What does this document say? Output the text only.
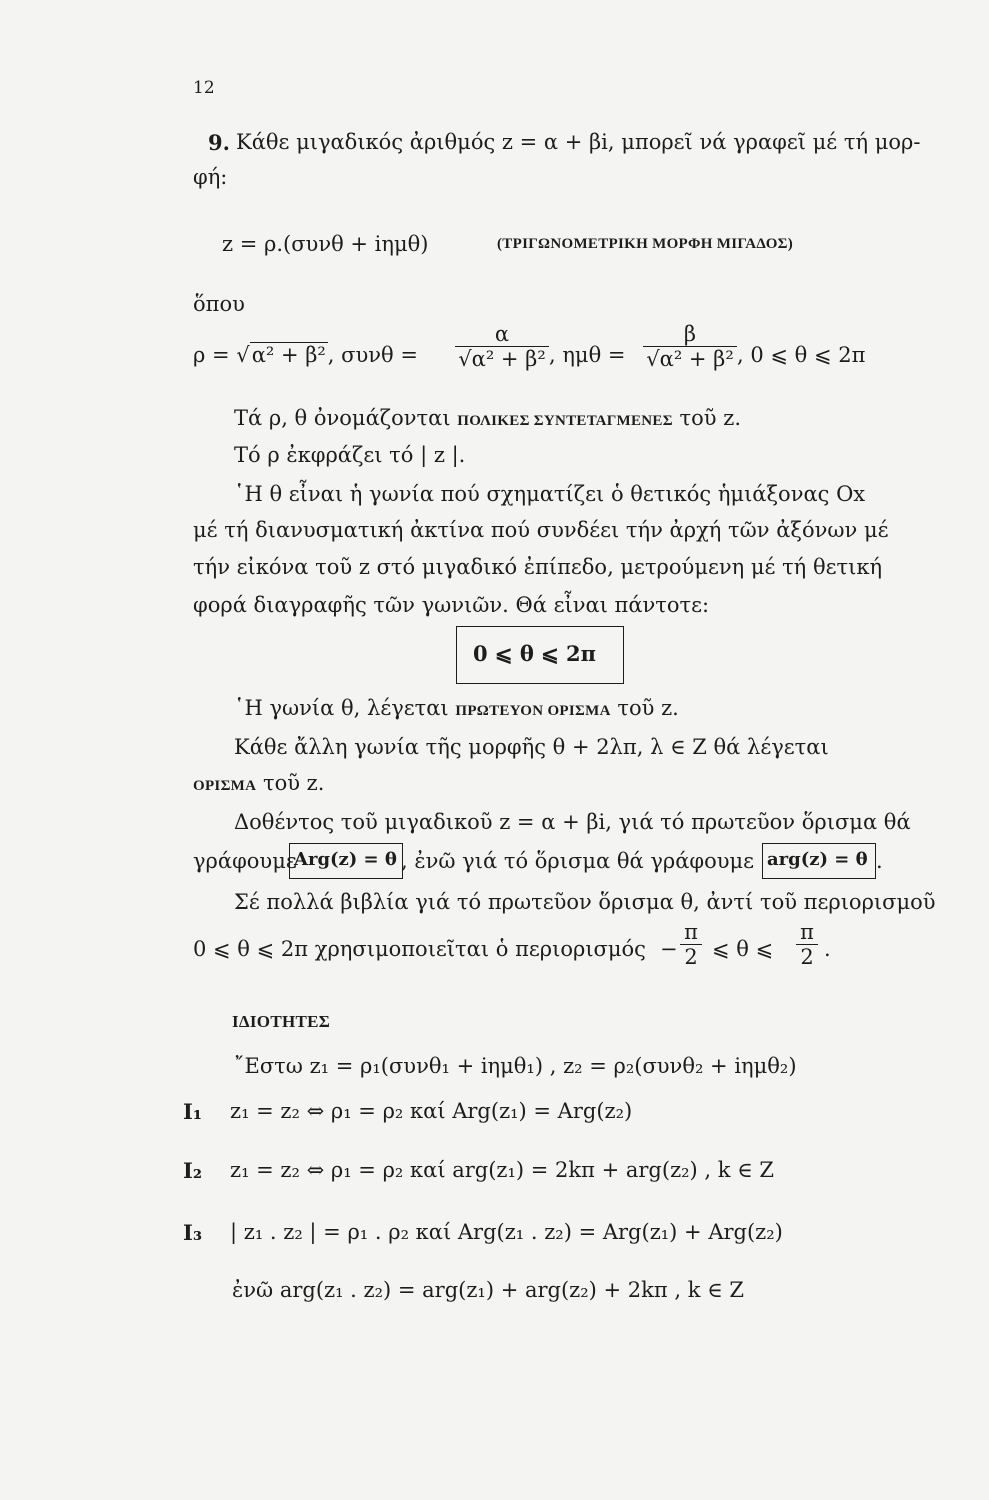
12
9. Κάθε μιγαδικός ἀριθμός z = α + βi, μπορεῖ νά γραφεῖ μέ τή μορ-
φή:
z = ρ.(συνθ + iημθ)	(ΤΡΙΓΩΝΟΜΕΤΡΙΚΗ ΜΟΡΦΗ ΜΙΓΑΔΟΣ)
ὅπου
ρ = √α² + β², συνθ =
α
√α² + β² , ημθ =
β
√α² + β² , 0 ⩽ θ ⩽ 2π
Τά ρ, θ ὀνομάζονται ΠΟΛΙΚΕΣ ΣΥΝΤΕΤΑΓΜΕΝΕΣ τοῦ z.
Τό ρ ἐκφράζει τό | z |.
῾Η θ εἶναι ἡ γωνία πού σχηματίζει ὁ θετικός ἡμιάξονας Οx
μέ τή διανυσματική ἀκτίνα πού συνδέει τήν ἀρχή τῶν ἀξόνων μέ
τήν εἰκόνα τοῦ z στό μιγαδικό ἐπίπεδο, μετρούμενη μέ τή θετική
φορά διαγραφῆς τῶν γωνιῶν. Θά εἶναι πάντοτε:
0 ⩽ θ ⩽ 2π
῾Η γωνία θ, λέγεται ΠΡΩΤΕΥΟΝ ΟΡΙΣΜΑ τοῦ z.
Κάθε ἄλλη γωνία τῆς μορφῆς θ + 2λπ, λ ∈ Z θά λέγεται
ΟΡΙΣΜΑ τοῦ z.
Δοθέντος τοῦ μιγαδικοῦ z = α + βi, γιά τό πρωτεῦον ὅρισμα θά
γράφουμε
Arg(z) = θ , ἐνῶ γιά τό ὅρισμα θά γράφουμε arg(z) = θ .
Σέ πολλά βιβλία γιά τό πρωτεῦον ὅρισμα θ, ἀντί τοῦ περιορισμοῦ
0 ⩽ θ ⩽ 2π χρησιμοποιεῖται ὁ περιορισμός −
π
2 ⩽ θ ⩽
π
2 .
ΙΔΙΟΤΗΤΕΣ
῎Εστω z₁ = ρ₁(συνθ₁ + iημθ₁) , z₂ = ρ₂(συνθ₂ + iημθ₂)
I₁ z₁ = z₂ ⇔ ρ₁ = ρ₂ καί Arg(z₁) = Arg(z₂)
I₂ z₁ = z₂ ⇔ ρ₁ = ρ₂ καί arg(z₁) = 2kπ + arg(z₂) , k ∈ Z
I₃ | z₁ . z₂ | = ρ₁ . ρ₂ καί Arg(z₁ . z₂) = Arg(z₁) + Arg(z₂)
ἐνῶ arg(z₁ . z₂) = arg(z₁) + arg(z₂) + 2kπ , k ∈ Z
